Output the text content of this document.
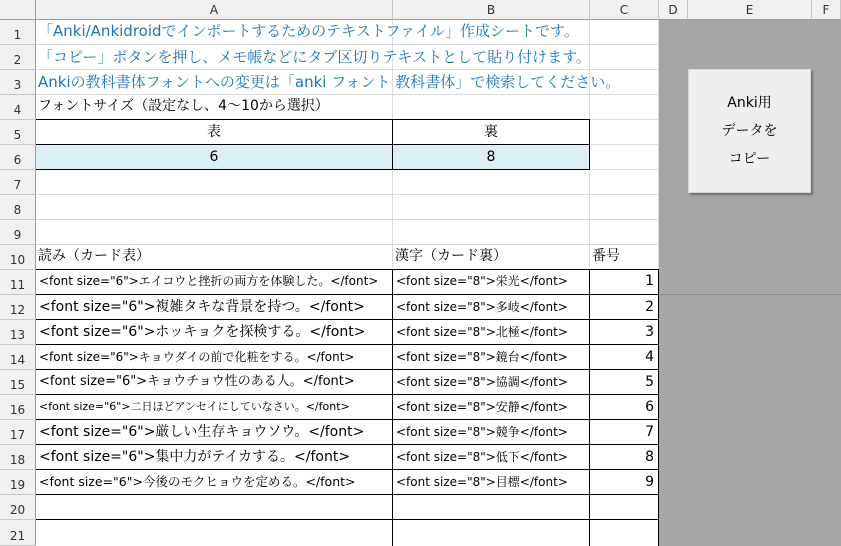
A	B	C	D	E	F
1
2
3
4
5
6
7
8
9
10
11
12
13
14
15
16
17
18
19
20
21
「Anki/Ankidroidでインポートするためのテキストファイル」作成シートです。
「コピー」ボタンを押し、メモ帳などにタブ区切りテキストとして貼り付けます。
Ankiの教科書体フォントへの変更は「anki フォント 教科書体」で検索してください。
フォントサイズ（設定なし、4～10から選択）
表	裏
6	8
読み（カード表）	漢字（カード裏）	番号
<font size="6">エイコウと挫折の両方を体験した。</font>	<font size="8">栄光</font>	1
<font size="6">複雑タキな背景を持つ。</font>	<font size="8">多岐</font>	2
<font size="6">ホッキョクを探検する。</font>	<font size="8">北極</font>	3
<font size="6">キョウダイの前で化粧をする。</font>	<font size="8">鏡台</font>	4
<font size="6">キョウチョウ性のある人。</font>	<font size="8">協調</font>	5
<font size="6">二日ほどアンセイにしていなさい。</font>	<font size="8">安静</font>	6
<font size="6">厳しい生存キョウソウ。</font>	<font size="8">競争</font>	7
<font size="6">集中力がテイカする。</font>	<font size="8">低下</font>	8
<font size="6">今後のモクヒョウを定める。</font>	<font size="8">目標</font>	9
Anki用
データを
コピー
